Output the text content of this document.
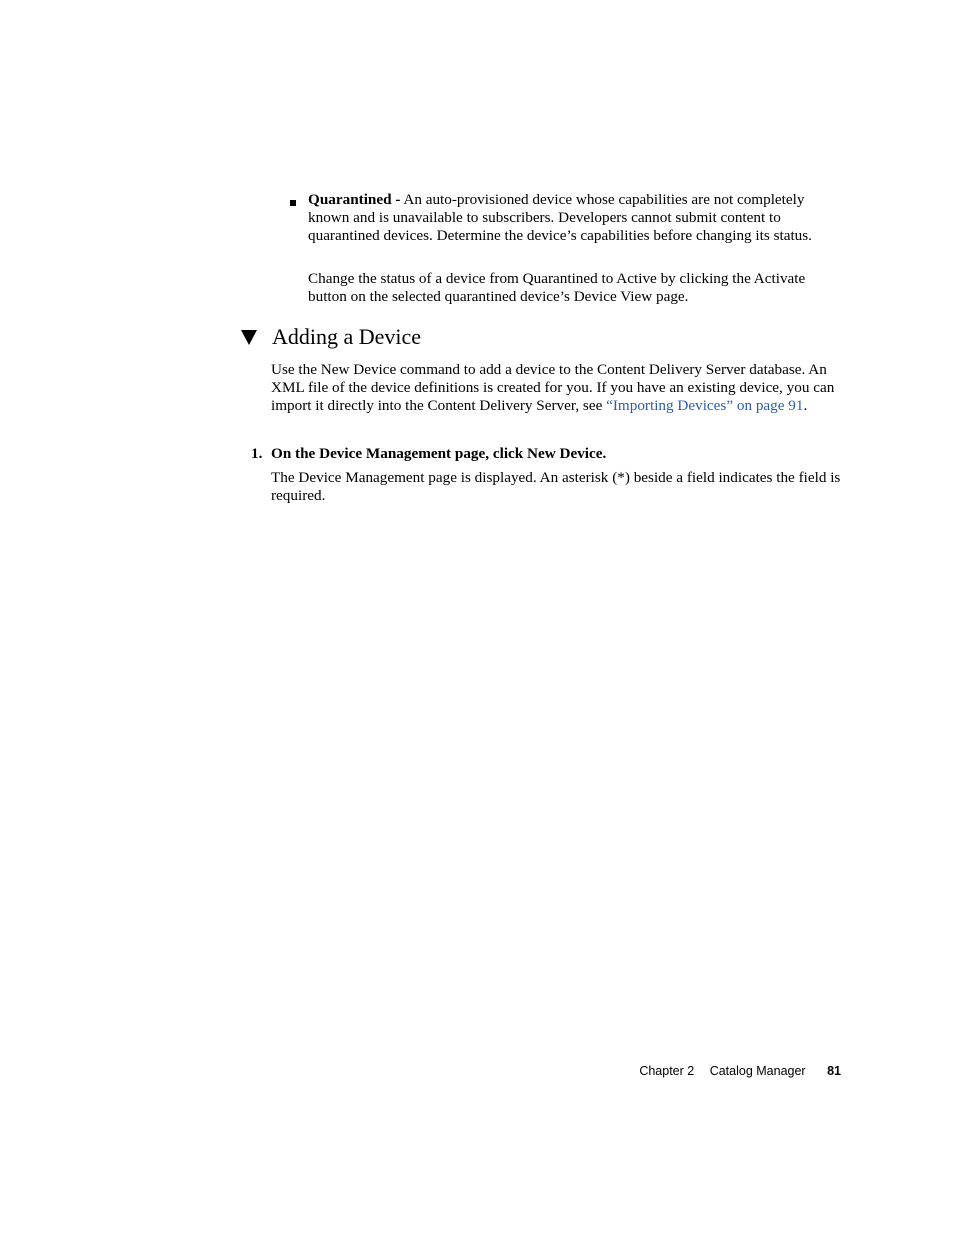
Quarantined - An auto-provisioned device whose capabilities are not completely known and is unavailable to subscribers. Developers cannot submit content to quarantined devices. Determine the device’s capabilities before changing its status.
Change the status of a device from Quarantined to Active by clicking the Activate button on the selected quarantined device’s Device View page.
Adding a Device
Use the New Device command to add a device to the Content Delivery Server database. An XML file of the device definitions is created for you. If you have an existing device, you can import it directly into the Content Delivery Server, see “Importing Devices” on page 91.
1. On the Device Management page, click New Device.
The Device Management page is displayed. An asterisk (*) beside a field indicates the field is required.
Chapter 2 Catalog Manager 81
